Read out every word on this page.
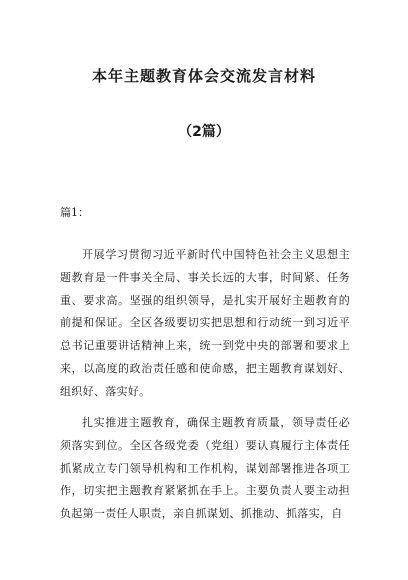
本年主题教育体会交流发言材料
（2篇）
篇1：

开展学习贯彻习近平新时代中国特色社会主义思想主题教育是一件事关全局、事关长远的大事，时间紧、任务重、要求高。坚强的组织领导，是扎实开展好主题教育的前提和保证。全区各级要切实把思想和行动统一到习近平总书记重要讲话精神上来，统一到党中央的部署和要求上来，以高度的政治责任感和使命感，把主题教育谋划好、组织好、落实好。

扎实推进主题教育，确保主题教育质量，领导责任必须落实到位。全区各级党委（党组）要认真履行主体责任抓紧成立专门领导机构和工作机构，谋划部署推进各项工作，切实把主题教育紧紧抓在手上。主要负责人要主动担负起第一责任人职责，亲自抓谋划、抓推动、抓落实，自
